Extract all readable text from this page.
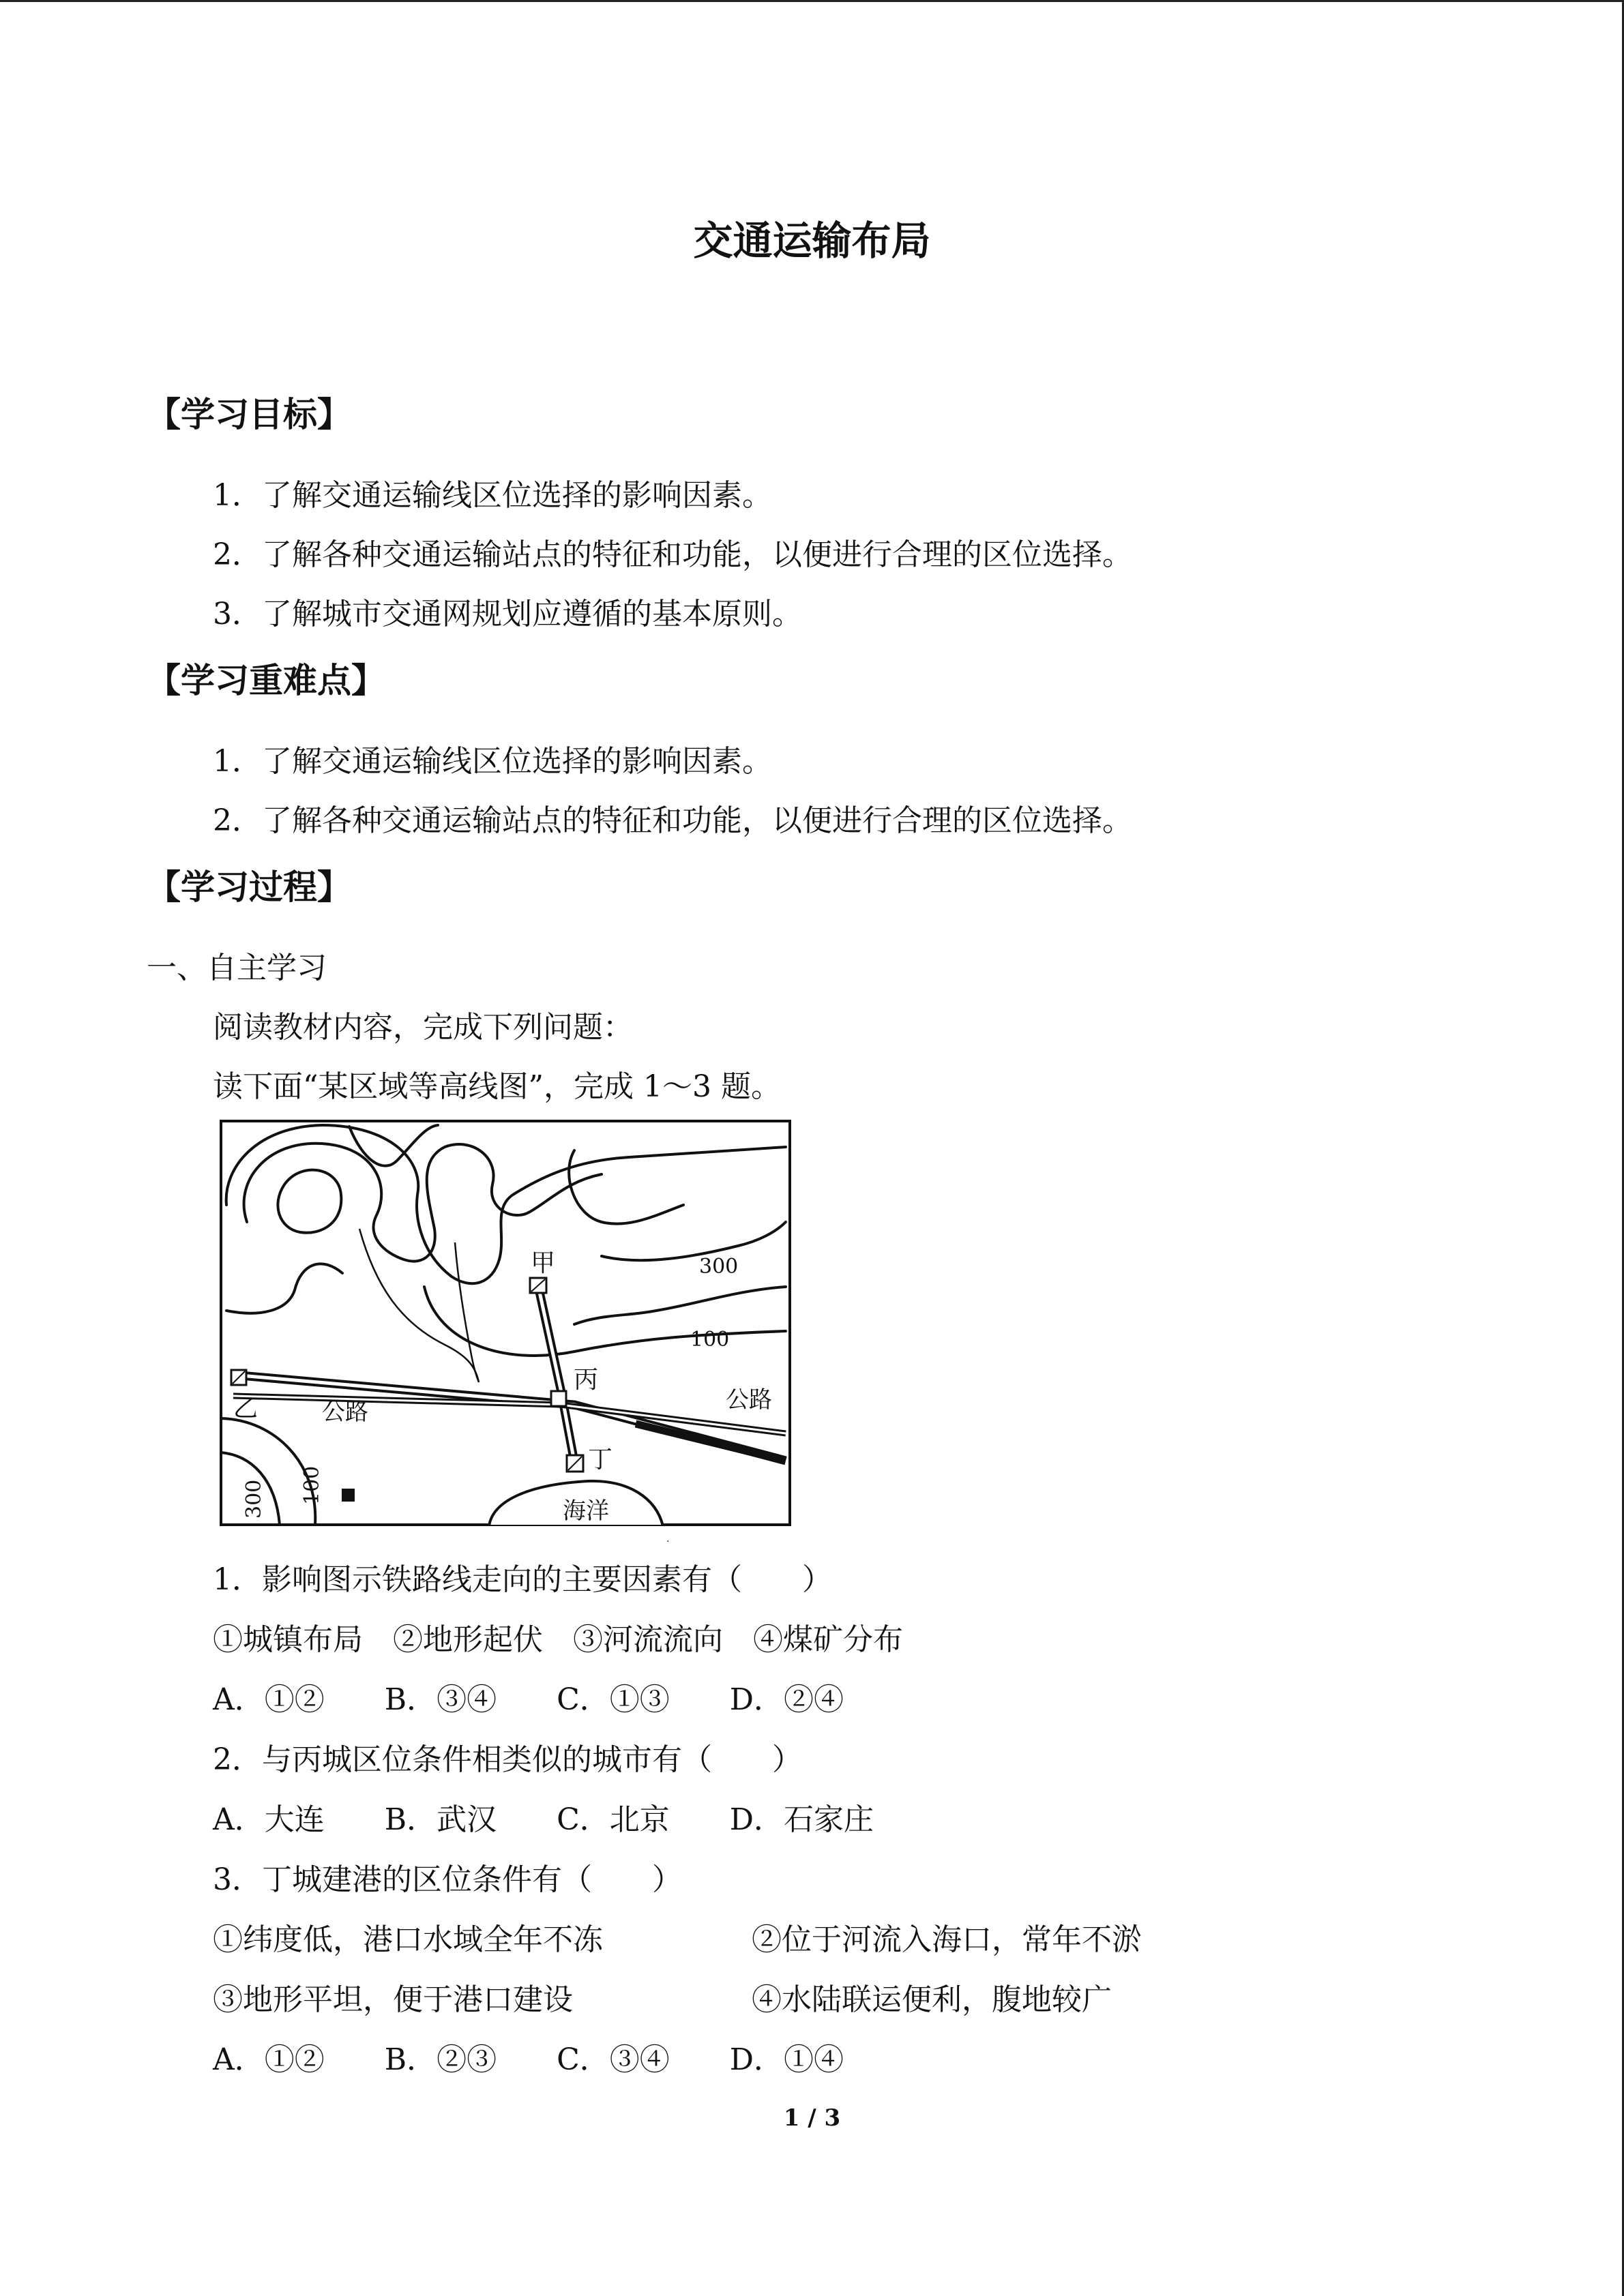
交通运输布局
【学习目标】
1．了解交通运输线区位选择的影响因素。
2．了解各种交通运输站点的特征和功能，以便进行合理的区位选择。
3．了解城市交通网规划应遵循的基本原则。
【学习重难点】
1．了解交通运输线区位选择的影响因素。
2．了解各种交通运输站点的特征和功能，以便进行合理的区位选择。
【学习过程】
一、自主学习
阅读教材内容，完成下列问题：
读下面“某区域等高线图”，完成 1～3 题。
甲
乙
丙
丁
公路	公路
海洋
300
100
300 100
·
1．影响图示铁路线走向的主要因素有（　　）
①城镇布局　②地形起伏　③河流流向　④煤矿分布
A．①②　　B．③④　　C．①③　　D．②④
2．与丙城区位条件相类似的城市有（　　）
A．大连　　B．武汉　　C．北京　　D．石家庄
3．丁城建港的区位条件有（　　）
①纬度低，港口水域全年不冻	②位于河流入海口，常年不淤
③地形平坦，便于港口建设	④水陆联运便利，腹地较广
A．①②　　B．②③　　C．③④　　D．①④
1 / 3
